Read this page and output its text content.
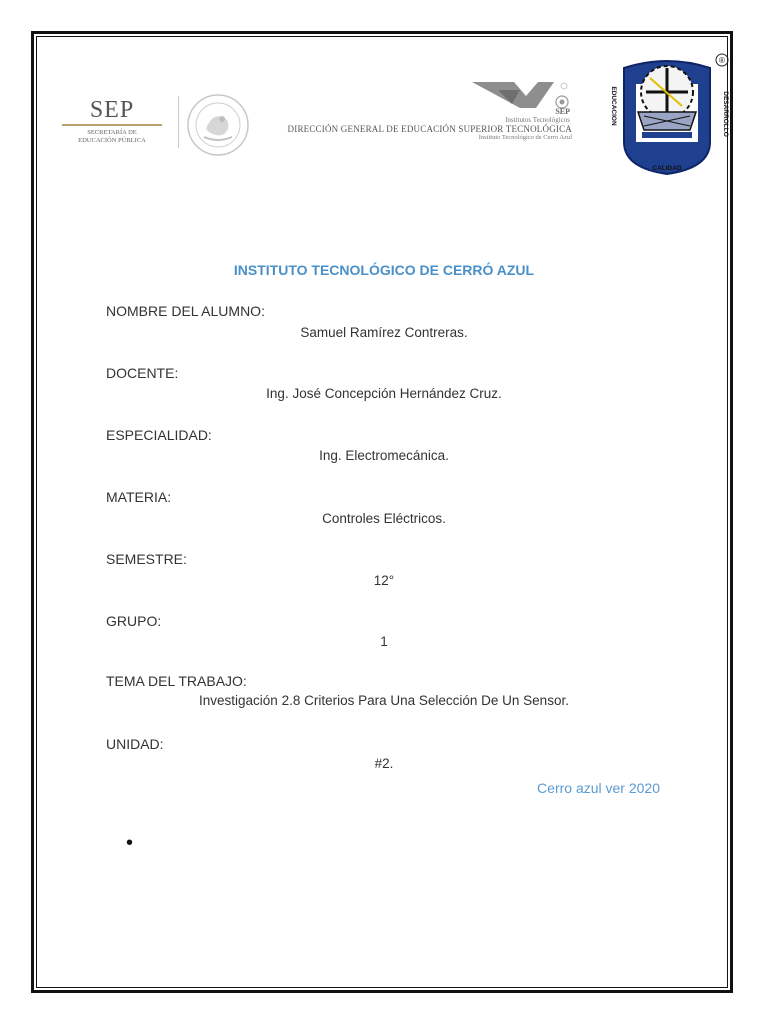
SEP
SECRETARÍA DE
EDUCACIÓN PÚBLICA
SEP
Institutos Tecnológicos
DIRECCIÓN GENERAL DE EDUCACIÓN SUPERIOR TECNOLÓGICA
Instituto Tecnológico de Cerro Azul
®
EDUCACION	DESARROLLO
CALIDAD
INSTITUTO TECNOLÓGICO DE CERRÓ AZUL
NOMBRE DEL ALUMNO:
Samuel Ramírez Contreras.
DOCENTE:
Ing. José Concepción Hernández Cruz.
ESPECIALIDAD:
Ing. Electromecánica.
MATERIA:
Controles Eléctricos.
SEMESTRE:
12°
GRUPO:
1
TEMA DEL TRABAJO:
Investigación 2.8 Criterios Para Una Selección De Un Sensor.
UNIDAD:
#2.
Cerro azul ver 2020
•
